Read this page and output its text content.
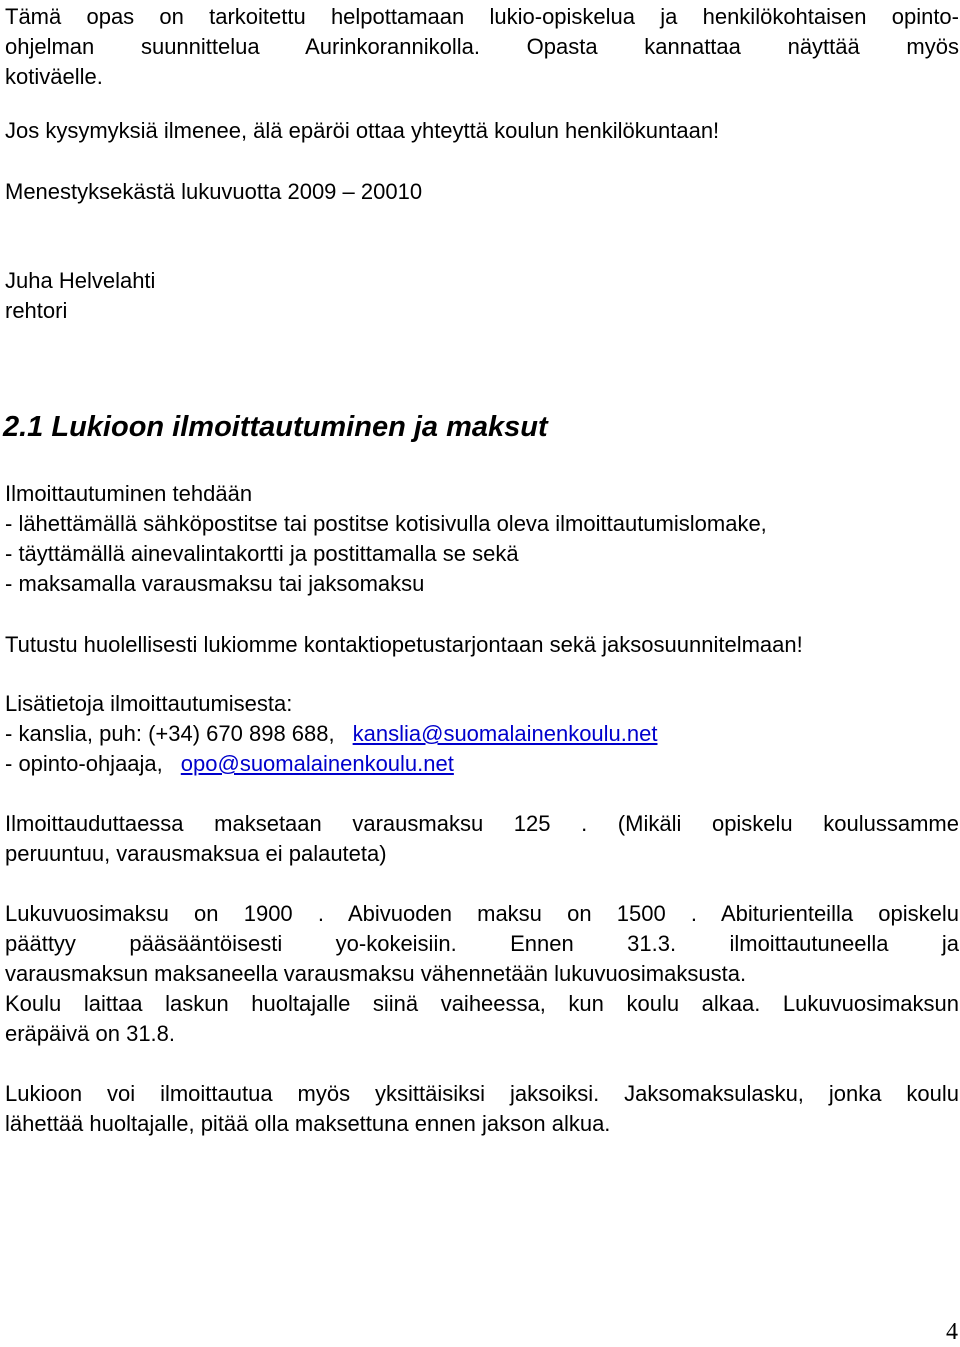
Tämä opas on tarkoitettu helpottamaan lukio-opiskelua ja henkilökohtaisen opinto-
ohjelman suunnittelua Aurinkorannikolla. Opasta kannattaa näyttää myös
kotiväelle.
Jos kysymyksiä ilmenee, älä epäröi ottaa yhteyttä koulun henkilökuntaan!
Menestyksekästä lukuvuotta 2009 – 20010
Juha Helvelahti
rehtori
2.1 Lukioon ilmoittautuminen ja maksut
Ilmoittautuminen tehdään
- lähettämällä sähköpostitse tai postitse kotisivulla oleva ilmoittautumislomake,
- täyttämällä ainevalintakortti ja postittamalla se sekä
- maksamalla varausmaksu tai jaksomaksu
Tutustu huolellisesti lukiomme kontaktiopetustarjontaan sekä jaksosuunnitelmaan!
Lisätietoja ilmoittautumisesta:
- kanslia, puh: (+34) 670 898 688, kanslia@suomalainenkoulu.net
- opinto-ohjaaja, opo@suomalainenkoulu.net
Ilmoittauduttaessa maksetaan varausmaksu 125 . (Mikäli opiskelu koulussamme
peruuntuu, varausmaksua ei palauteta)
Lukuvuosimaksu on 1900 . Abivuoden maksu on 1500 . Abiturienteilla opiskelu
päättyy pääsääntöisesti yo-kokeisiin. Ennen 31.3. ilmoittautuneella ja
varausmaksun maksaneella varausmaksu vähennetään lukuvuosimaksusta.
Koulu laittaa laskun huoltajalle siinä vaiheessa, kun koulu alkaa. Lukuvuosimaksun
eräpäivä on 31.8.
Lukioon voi ilmoittautua myös yksittäisiksi jaksoiksi. Jaksomaksulasku, jonka koulu
lähettää huoltajalle, pitää olla maksettuna ennen jakson alkua.
4
